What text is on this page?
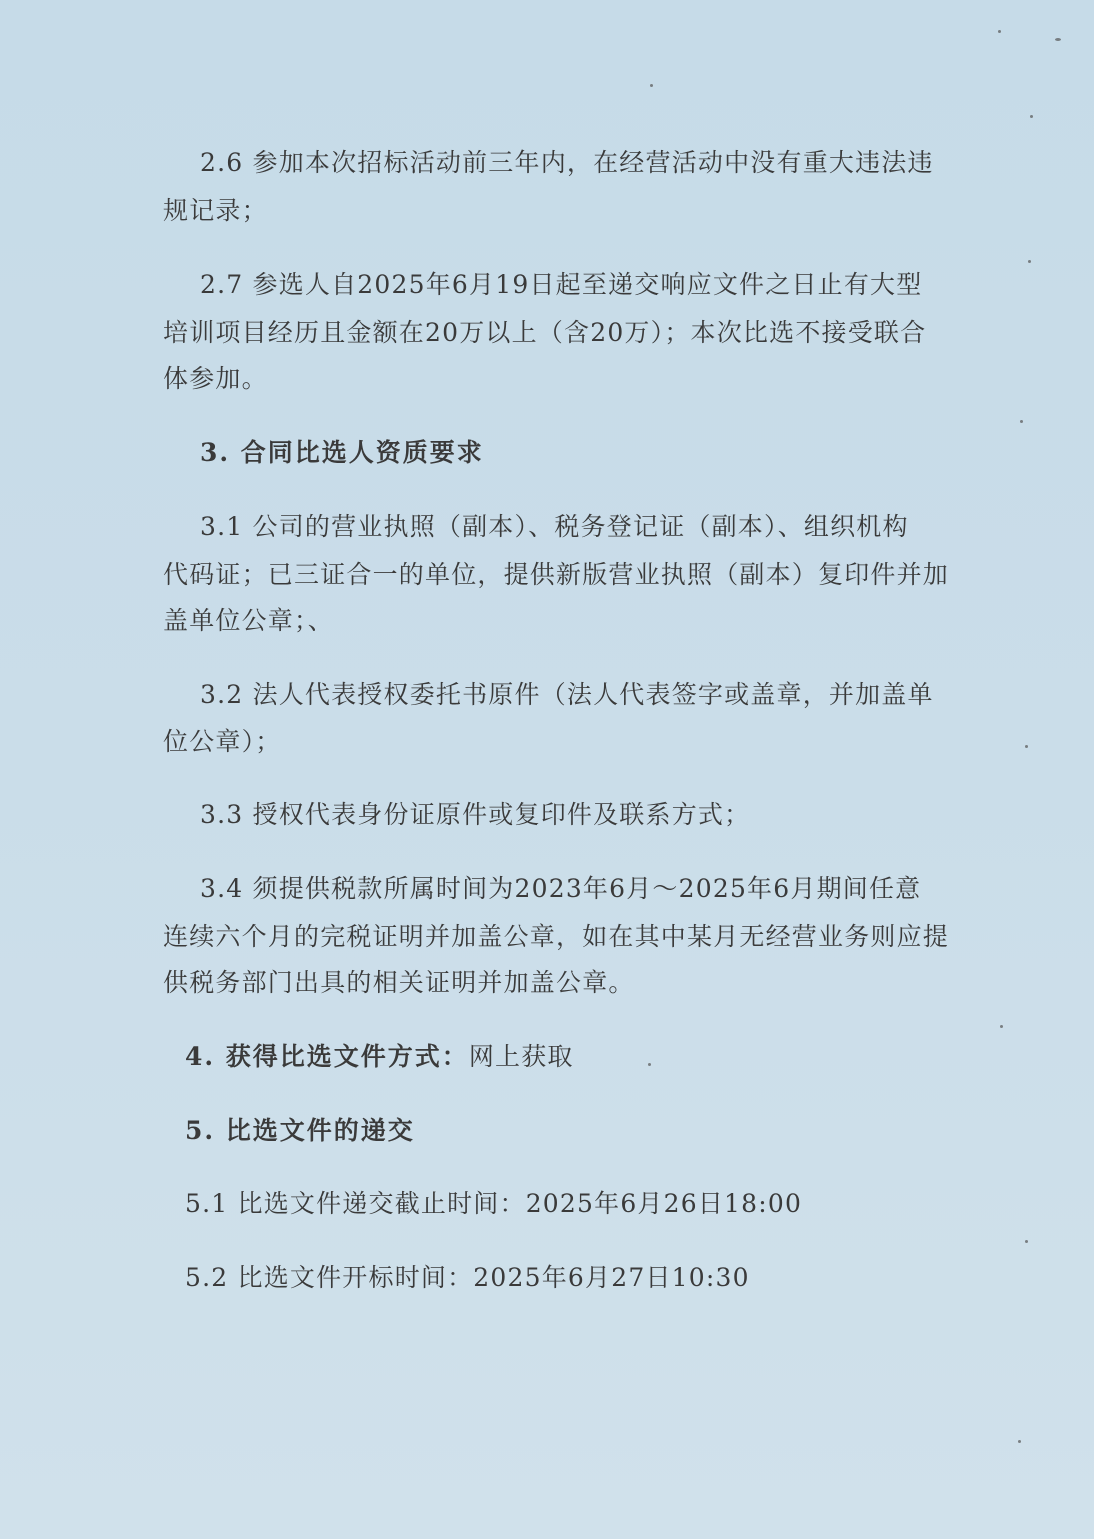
2.6 参加本次招标活动前三年内，在经营活动中没有重大违法违
规记录；
2.7 参选人自2025年6月19日起至递交响应文件之日止有大型
培训项目经历且金额在20万以上（含20万）；本次比选不接受联合
体参加。
3. 合同比选人资质要求
3.1 公司的营业执照（副本）、税务登记证（副本）、组织机构
代码证；已三证合一的单位，提供新版营业执照（副本）复印件并加
盖单位公章；、
3.2 法人代表授权委托书原件（法人代表签字或盖章，并加盖单
位公章）；
3.3 授权代表身份证原件或复印件及联系方式；
3.4 须提供税款所属时间为2023年6月～2025年6月期间任意
连续六个月的完税证明并加盖公章，如在其中某月无经营业务则应提
供税务部门出具的相关证明并加盖公章。
4. 获得比选文件方式：网上获取
5. 比选文件的递交
5.1 比选文件递交截止时间：2025年6月26日18:00
5.2 比选文件开标时间：2025年6月27日10:30
